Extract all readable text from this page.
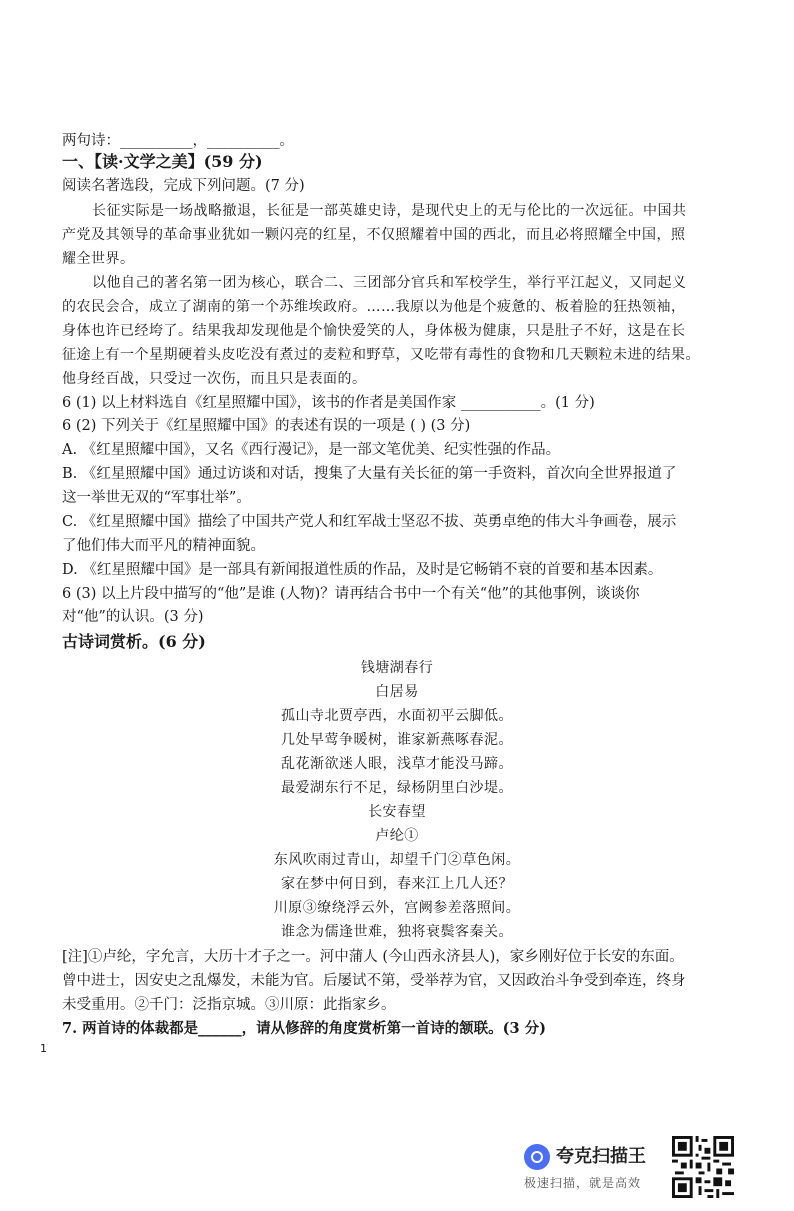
两句诗：__________，__________。
一、【读·文学之美】(59 分)
阅读名著选段，完成下列问题。(7 分)
长征实际是一场战略撤退，长征是一部英雄史诗，是现代史上的无与伦比的一次远征。中国共
产党及其领导的革命事业犹如一颗闪亮的红星，不仅照耀着中国的西北，而且必将照耀全中国，照
耀全世界。
以他自己的著名第一团为核心，联合二、三团部分官兵和军校学生，举行平江起义，又同起义
的农民会合，成立了湖南的第一个苏维埃政府。……我原以为他是个疲惫的、板着脸的狂热领袖，
身体也许已经垮了。结果我却发现他是个愉快爱笑的人，身体极为健康，只是肚子不好，这是在长
征途上有一个星期硬着头皮吃没有煮过的麦粒和野草，又吃带有毒性的食物和几天颗粒未进的结果。
他身经百战，只受过一次伤，而且只是表面的。
6 (1) 以上材料选自《红星照耀中国》，该书的作者是美国作家 ___________。(1 分)
6 (2) 下列关于《红星照耀中国》的表述有误的一项是 ( ) (3 分)
A. 《红星照耀中国》，又名《西行漫记》，是一部文笔优美、纪实性强的作品。
B. 《红星照耀中国》通过访谈和对话，搜集了大量有关长征的第一手资料，首次向全世界报道了
这一举世无双的“军事壮举”。
C. 《红星照耀中国》描绘了中国共产党人和红军战士坚忍不拔、英勇卓绝的伟大斗争画卷，展示
了他们伟大而平凡的精神面貌。
D. 《红星照耀中国》是一部具有新闻报道性质的作品，及时是它畅销不衰的首要和基本因素。
6 (3) 以上片段中描写的“他”是谁 (人物)？请再结合书中一个有关“他”的其他事例，谈谈你
对“他”的认识。(3 分)
古诗词赏析。(6 分)
钱塘湖春行
白居易
孤山寺北贾亭西，水面初平云脚低。
几处早莺争暖树，谁家新燕啄春泥。
乱花渐欲迷人眼，浅草才能没马蹄。
最爱湖东行不足，绿杨阴里白沙堤。
长安春望
卢纶①
东风吹雨过青山，却望千门②草色闲。
家在梦中何日到，春来江上几人还？
川原③缭绕浮云外，宫阙参差落照间。
谁念为儒逢世难，独将衰鬓客秦关。
[注]①卢纶，字允言，大历十才子之一。河中蒲人 (今山西永济县人)，家乡刚好位于长安的东面。
曾中进士，因安史之乱爆发，未能为官。后屡试不第，受举荐为官，又因政治斗争受到牵连，终身
未受重用。②千门：泛指京城。③川原：此指家乡。
7. 两首诗的体裁都是______，请从修辞的角度赏析第一首诗的颔联。(3 分)
1
夸克扫描王
极速扫描，就是高效
